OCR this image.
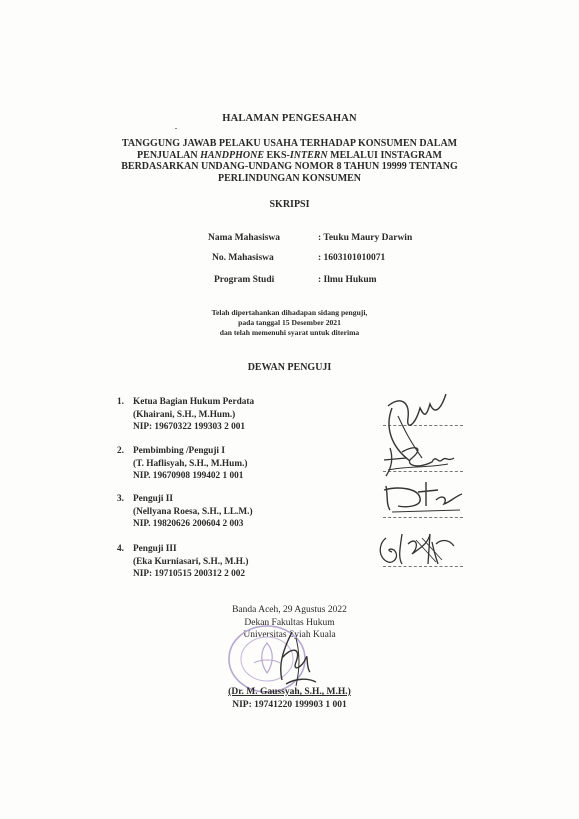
HALAMAN PENGESAHAN
TANGGUNG JAWAB PELAKU USAHA TERHADAP KONSUMEN DALAM
PENJUALAN HANDPHONE EKS-INTERN MELALUI INSTAGRAM
BERDASARKAN UNDANG-UNDANG NOMOR 8 TAHUN 19999 TENTANG
PERLINDUNGAN KONSUMEN
SKRIPSI
Nama Mahasiswa	: Teuku Maury Darwin
No. Mahasiswa	: 1603101010071
Program Studi	: Ilmu Hukum
Telah dipertahankan dihadapan sidang penguji,
pada tanggal 15 Desember 2021
dan telah memenuhi syarat untuk diterima
DEWAN PENGUJI
1. Ketua Bagian Hukum Perdata
(Khairani, S.H., M.Hum.)
NIP: 19670322 199303 2 001
2. Pembimbing /Penguji I
(T. Haflisyah, S.H., M.Hum.)
NIP. 19670908 199402 1 001
3. Penguji II
(Nellyana Roesa, S.H., LL.M.)
NIP. 19820626 200604 2 003
4. Penguji III
(Eka Kurniasari, S.H., M.H.)
NIP: 19710515 200312 2 002
Banda Aceh, 29 Agustus 2022
Dekan Fakultas Hukum
Universitas Syiah Kuala
(Dr. M. Gaussyah, S.H., M.H.)
NIP: 19741220 199903 1 001
